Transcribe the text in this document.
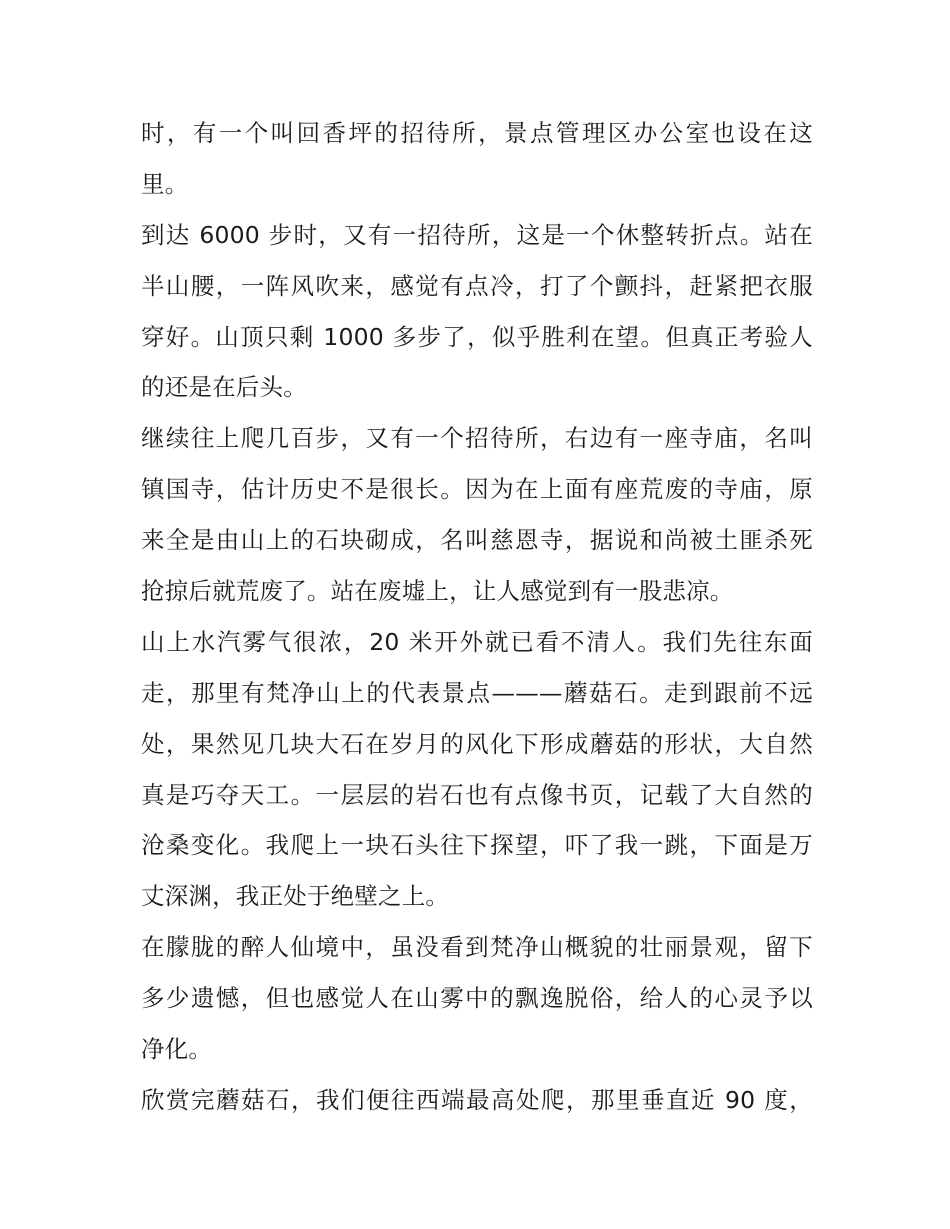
时，有一个叫回香坪的招待所，景点管理区办公室也设在这
里。
到达 6000 步时，又有一招待所，这是一个休整转折点。站在
半山腰，一阵风吹来，感觉有点冷，打了个颤抖，赶紧把衣服
穿好。山顶只剩 1000 多步了，似乎胜利在望。但真正考验人
的还是在后头。
继续往上爬几百步，又有一个招待所，右边有一座寺庙，名叫
镇国寺，估计历史不是很长。因为在上面有座荒废的寺庙，原
来全是由山上的石块砌成，名叫慈恩寺，据说和尚被土匪杀死
抢掠后就荒废了。站在废墟上，让人感觉到有一股悲凉。
山上水汽雾气很浓，20 米开外就已看不清人。我们先往东面
走，那里有梵净山上的代表景点———蘑菇石。走到跟前不远
处，果然见几块大石在岁月的风化下形成蘑菇的形状，大自然
真是巧夺天工。一层层的岩石也有点像书页，记载了大自然的
沧桑变化。我爬上一块石头往下探望，吓了我一跳，下面是万
丈深渊，我正处于绝壁之上。
在朦胧的醉人仙境中，虽没看到梵净山概貌的壮丽景观，留下
多少遗憾，但也感觉人在山雾中的飘逸脱俗，给人的心灵予以
净化。
欣赏完蘑菇石，我们便往西端最高处爬，那里垂直近 90 度，
